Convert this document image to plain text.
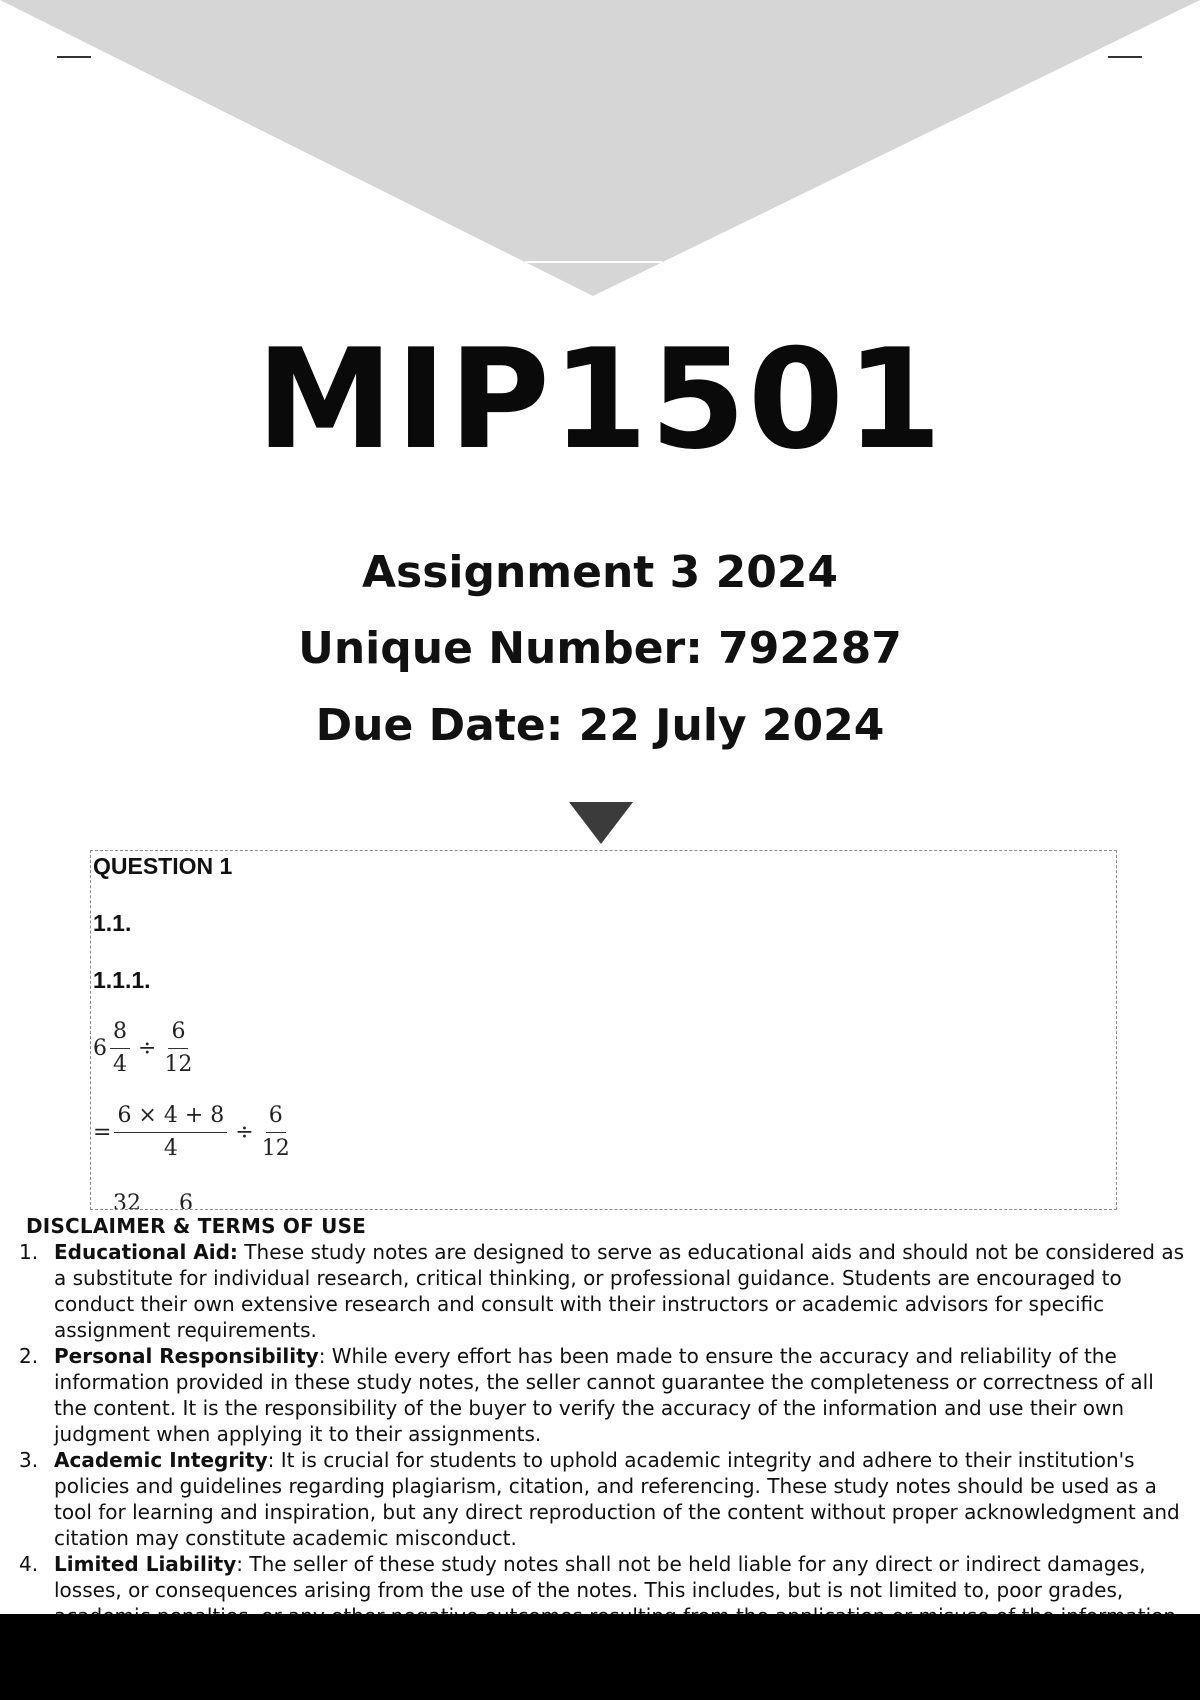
MIP1501
Assignment 3 2024
Unique Number: 792287
Due Date: 22 July 2024
QUESTION 1
1.1.
1.1.1.
$6 \frac{8}{4} \div \frac{6}{12}$
= $\frac{6 \times 4 + 8}{4} \div \frac{6}{12}$
32 6
DISCLAIMER & TERMS OF USE
1. Educational Aid: These study notes are designed to serve as educational aids and should not be considered as a substitute for individual research, critical thinking, or professional guidance. Students are encouraged to conduct their own extensive research and consult with their instructors or academic advisors for specific assignment requirements.
2. Personal Responsibility: While every effort has been made to ensure the accuracy and reliability of the information provided in these study notes, the seller cannot guarantee the completeness or correctness of all the content. It is the responsibility of the buyer to verify the accuracy of the information and use their own judgment when applying it to their assignments.
3. Academic Integrity: It is crucial for students to uphold academic integrity and adhere to their institution's policies and guidelines regarding plagiarism, citation, and referencing. These study notes should be used as a tool for learning and inspiration, but any direct reproduction of the content without proper acknowledgment and citation may constitute academic misconduct.
4. Limited Liability: The seller of these study notes shall not be held liable for any direct or indirect damages, losses, or consequences arising from the use of the notes. This includes, but is not limited to, poor grades,
